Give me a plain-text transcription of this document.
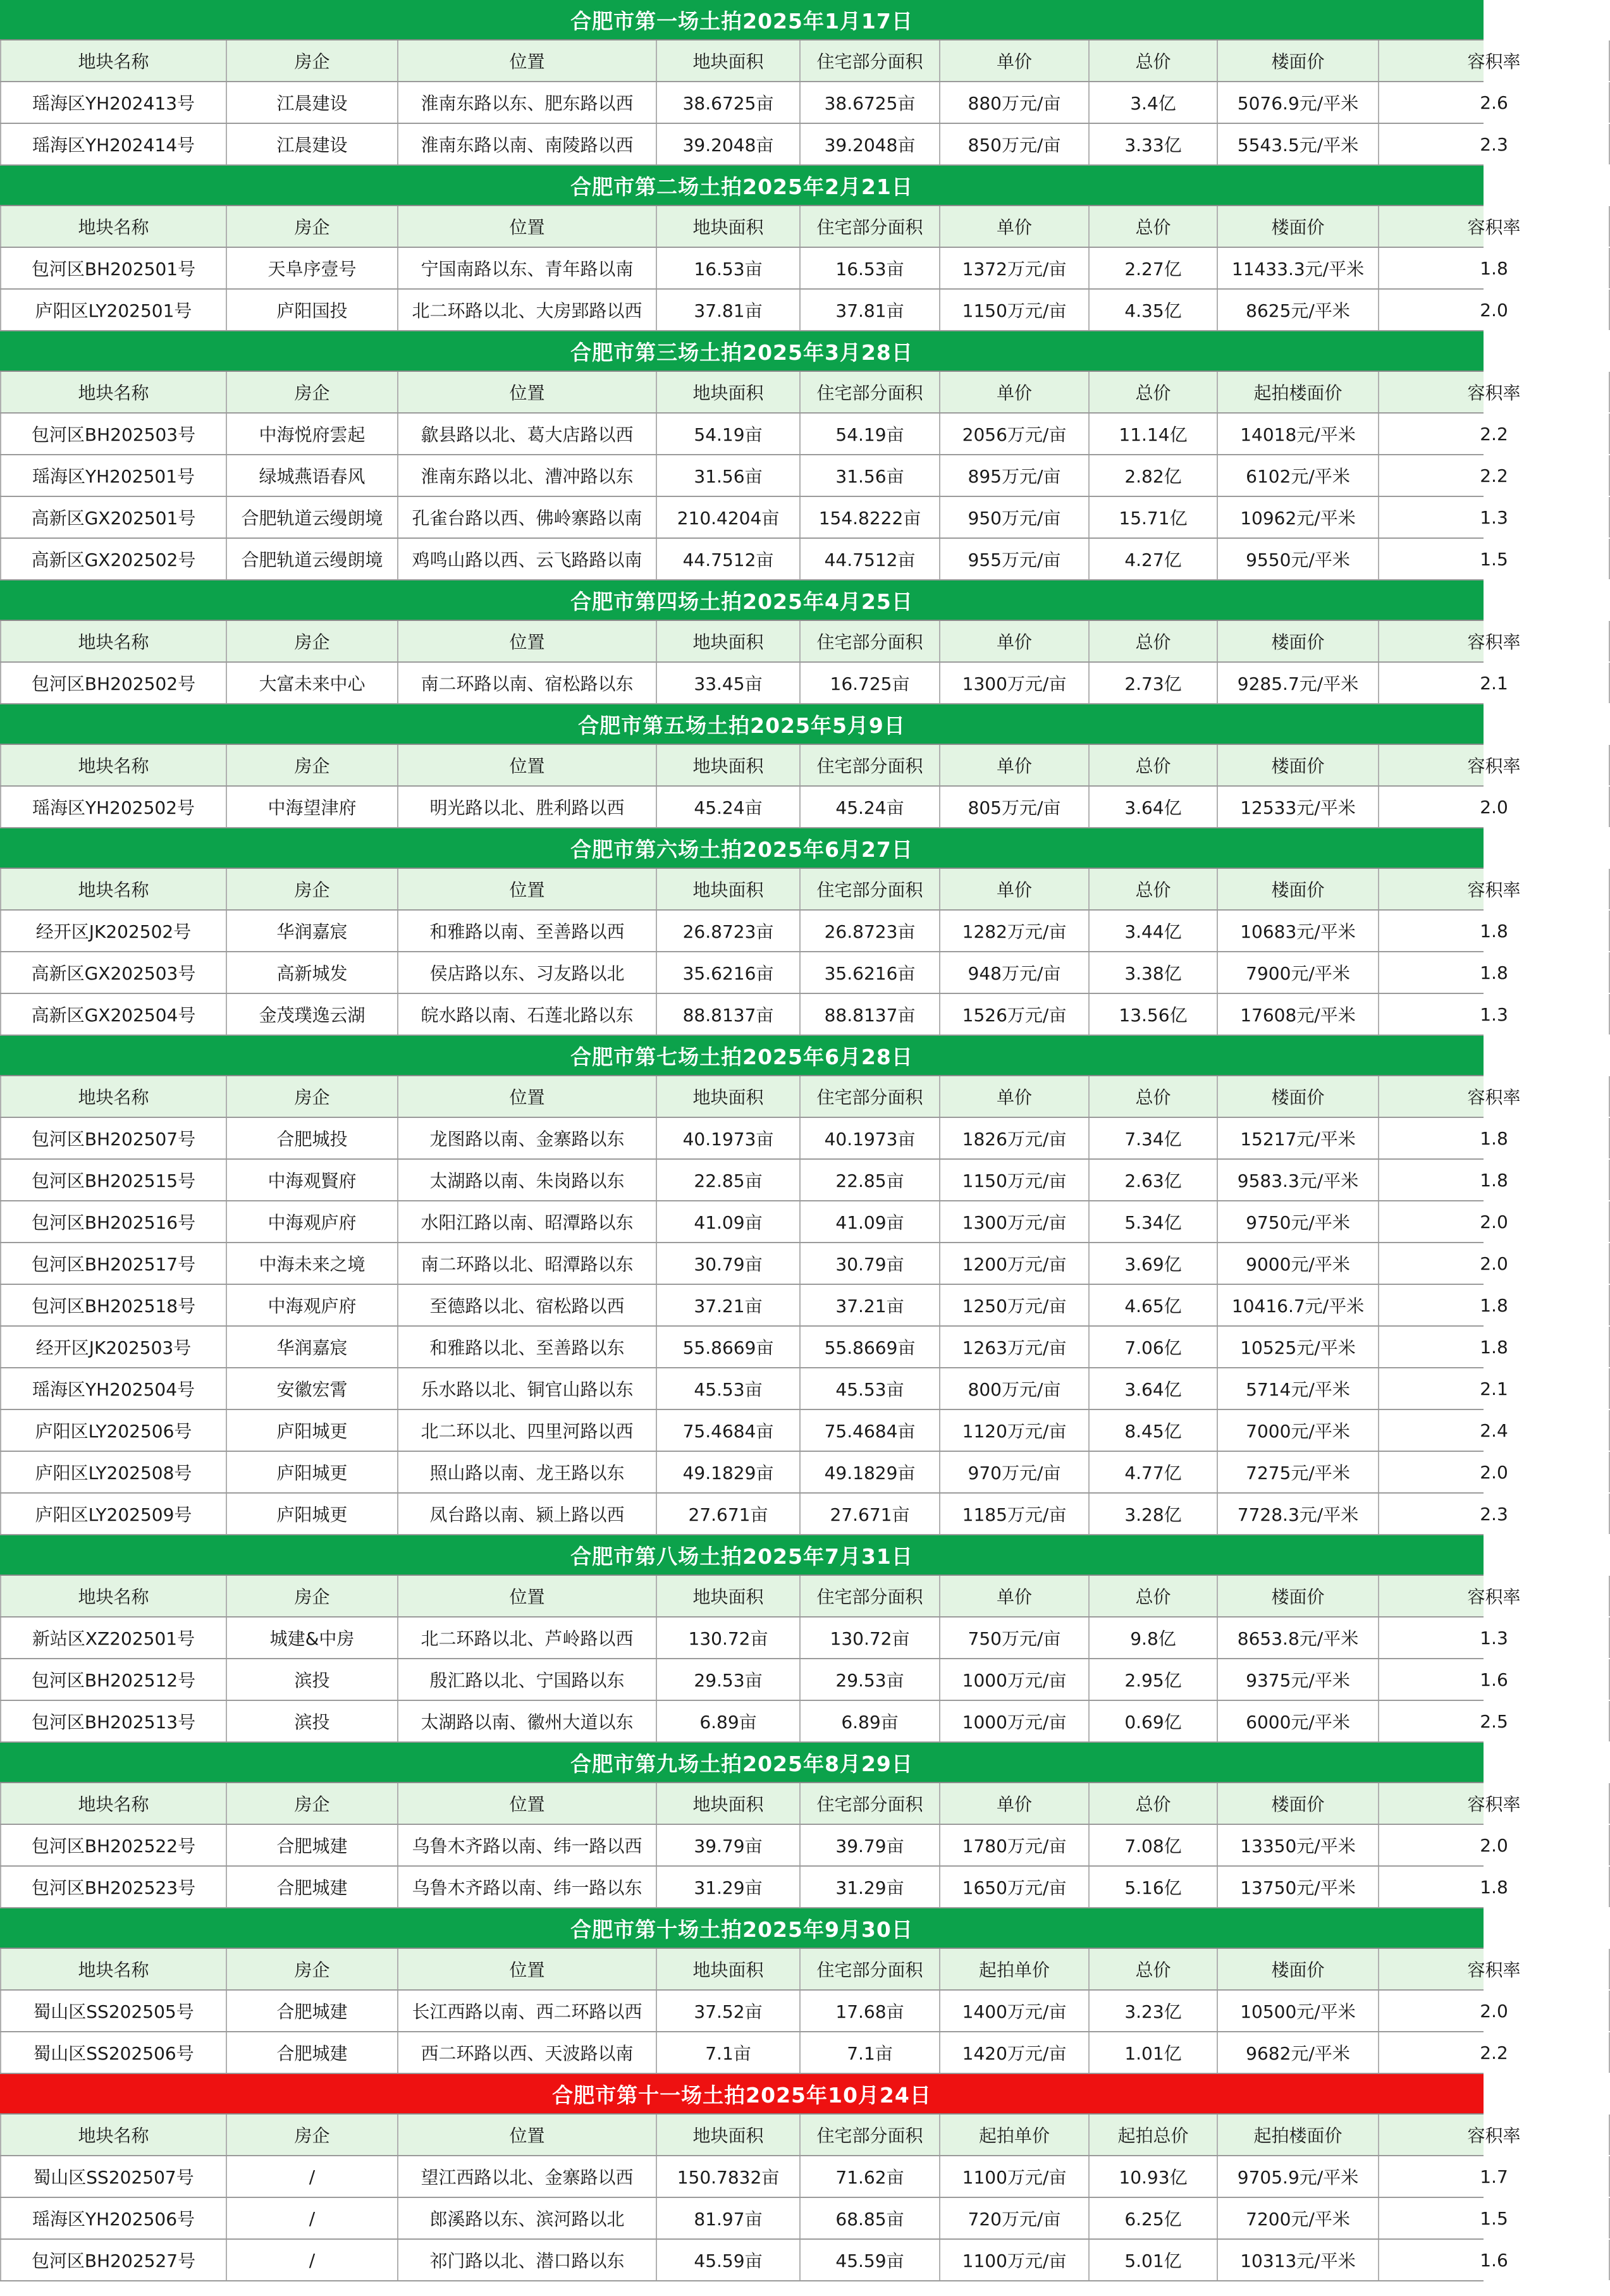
合肥市第一场土拍2025年1月17日
地块名称	房企	位置	地块面积	住宅部分面积	单价	总价	楼面价	容积率
瑶海区YH202413号	江晨建设	淮南东路以东、肥东路以西	38.6725亩	38.6725亩	880万元/亩	3.4亿	5076.9元/平米	2.6
瑶海区YH202414号	江晨建设	淮南东路以南、南陵路以西	39.2048亩	39.2048亩	850万元/亩	3.33亿	5543.5元/平米	2.3
合肥市第二场土拍2025年2月21日
地块名称	房企	位置	地块面积	住宅部分面积	单价	总价	楼面价	容积率
包河区BH202501号	天阜序壹号	宁国南路以东、青年路以南	16.53亩	16.53亩	1372万元/亩	2.27亿	11433.3元/平米	1.8
庐阳区LY202501号	庐阳国投	北二环路以北、大房郢路以西	37.81亩	37.81亩	1150万元/亩	4.35亿	8625元/平米	2.0
合肥市第三场土拍2025年3月28日
地块名称	房企	位置	地块面积	住宅部分面积	单价	总价	起拍楼面价	容积率
包河区BH202503号	中海悦府雲起	歙县路以北、葛大店路以西	54.19亩	54.19亩	2056万元/亩	11.14亿	14018元/平米	2.2
瑶海区YH202501号	绿城燕语春风	淮南东路以北、漕冲路以东	31.56亩	31.56亩	895万元/亩	2.82亿	6102元/平米	2.2
高新区GX202501号	合肥轨道云缦朗境	孔雀台路以西、佛岭寨路以南	210.4204亩	154.8222亩	950万元/亩	15.71亿	10962元/平米	1.3
高新区GX202502号	合肥轨道云缦朗境	鸡鸣山路以西、云飞路路以南	44.7512亩	44.7512亩	955万元/亩	4.27亿	9550元/平米	1.5
合肥市第四场土拍2025年4月25日
地块名称	房企	位置	地块面积	住宅部分面积	单价	总价	楼面价	容积率
包河区BH202502号	大富未来中心	南二环路以南、宿松路以东	33.45亩	16.725亩	1300万元/亩	2.73亿	9285.7元/平米	2.1
合肥市第五场土拍2025年5月9日
地块名称	房企	位置	地块面积	住宅部分面积	单价	总价	楼面价	容积率
瑶海区YH202502号	中海望津府	明光路以北、胜利路以西	45.24亩	45.24亩	805万元/亩	3.64亿	12533元/平米	2.0
合肥市第六场土拍2025年6月27日
地块名称	房企	位置	地块面积	住宅部分面积	单价	总价	楼面价	容积率
经开区JK202502号	华润嘉宸	和雅路以南、至善路以西	26.8723亩	26.8723亩	1282万元/亩	3.44亿	10683元/平米	1.8
高新区GX202503号	高新城发	侯店路以东、习友路以北	35.6216亩	35.6216亩	948万元/亩	3.38亿	7900元/平米	1.8
高新区GX202504号	金茂璞逸云湖	皖水路以南、石莲北路以东	88.8137亩	88.8137亩	1526万元/亩	13.56亿	17608元/平米	1.3
合肥市第七场土拍2025年6月28日
地块名称	房企	位置	地块面积	住宅部分面积	单价	总价	楼面价	容积率
包河区BH202507号	合肥城投	龙图路以南、金寨路以东	40.1973亩	40.1973亩	1826万元/亩	7.34亿	15217元/平米	1.8
包河区BH202515号	中海观賢府	太湖路以南、朱岗路以东	22.85亩	22.85亩	1150万元/亩	2.63亿	9583.3元/平米	1.8
包河区BH202516号	中海观庐府	水阳江路以南、昭潭路以东	41.09亩	41.09亩	1300万元/亩	5.34亿	9750元/平米	2.0
包河区BH202517号	中海未来之境	南二环路以北、昭潭路以东	30.79亩	30.79亩	1200万元/亩	3.69亿	9000元/平米	2.0
包河区BH202518号	中海观庐府	至德路以北、宿松路以西	37.21亩	37.21亩	1250万元/亩	4.65亿	10416.7元/平米	1.8
经开区JK202503号	华润嘉宸	和雅路以北、至善路以东	55.8669亩	55.8669亩	1263万元/亩	7.06亿	10525元/平米	1.8
瑶海区YH202504号	安徽宏霄	乐水路以北、铜官山路以东	45.53亩	45.53亩	800万元/亩	3.64亿	5714元/平米	2.1
庐阳区LY202506号	庐阳城更	北二环以北、四里河路以西	75.4684亩	75.4684亩	1120万元/亩	8.45亿	7000元/平米	2.4
庐阳区LY202508号	庐阳城更	照山路以南、龙王路以东	49.1829亩	49.1829亩	970万元/亩	4.77亿	7275元/平米	2.0
庐阳区LY202509号	庐阳城更	凤台路以南、颍上路以西	27.671亩	27.671亩	1185万元/亩	3.28亿	7728.3元/平米	2.3
合肥市第八场土拍2025年7月31日
地块名称	房企	位置	地块面积	住宅部分面积	单价	总价	楼面价	容积率
新站区XZ202501号	城建&中房	北二环路以北、芦岭路以西	130.72亩	130.72亩	750万元/亩	9.8亿	8653.8元/平米	1.3
包河区BH202512号	滨投	殷汇路以北、宁国路以东	29.53亩	29.53亩	1000万元/亩	2.95亿	9375元/平米	1.6
包河区BH202513号	滨投	太湖路以南、徽州大道以东	6.89亩	6.89亩	1000万元/亩	0.69亿	6000元/平米	2.5
合肥市第九场土拍2025年8月29日
地块名称	房企	位置	地块面积	住宅部分面积	单价	总价	楼面价	容积率
包河区BH202522号	合肥城建	乌鲁木齐路以南、纬一路以西	39.79亩	39.79亩	1780万元/亩	7.08亿	13350元/平米	2.0
包河区BH202523号	合肥城建	乌鲁木齐路以南、纬一路以东	31.29亩	31.29亩	1650万元/亩	5.16亿	13750元/平米	1.8
合肥市第十场土拍2025年9月30日
地块名称	房企	位置	地块面积	住宅部分面积	起拍单价	总价	楼面价	容积率
蜀山区SS202505号	合肥城建	长江西路以南、西二环路以西	37.52亩	17.68亩	1400万元/亩	3.23亿	10500元/平米	2.0
蜀山区SS202506号	合肥城建	西二环路以西、天波路以南	7.1亩	7.1亩	1420万元/亩	1.01亿	9682元/平米	2.2
合肥市第十一场土拍2025年10月24日
地块名称	房企	位置	地块面积	住宅部分面积	起拍单价	起拍总价	起拍楼面价	容积率
蜀山区SS202507号	/	望江西路以北、金寨路以西	150.7832亩	71.62亩	1100万元/亩	10.93亿	9705.9元/平米	1.7
瑶海区YH202506号	/	郎溪路以东、滨河路以北	81.97亩	68.85亩	720万元/亩	6.25亿	7200元/平米	1.5
包河区BH202527号	/	祁门路以北、潜口路以东	45.59亩	45.59亩	1100万元/亩	5.01亿	10313元/平米	1.6
